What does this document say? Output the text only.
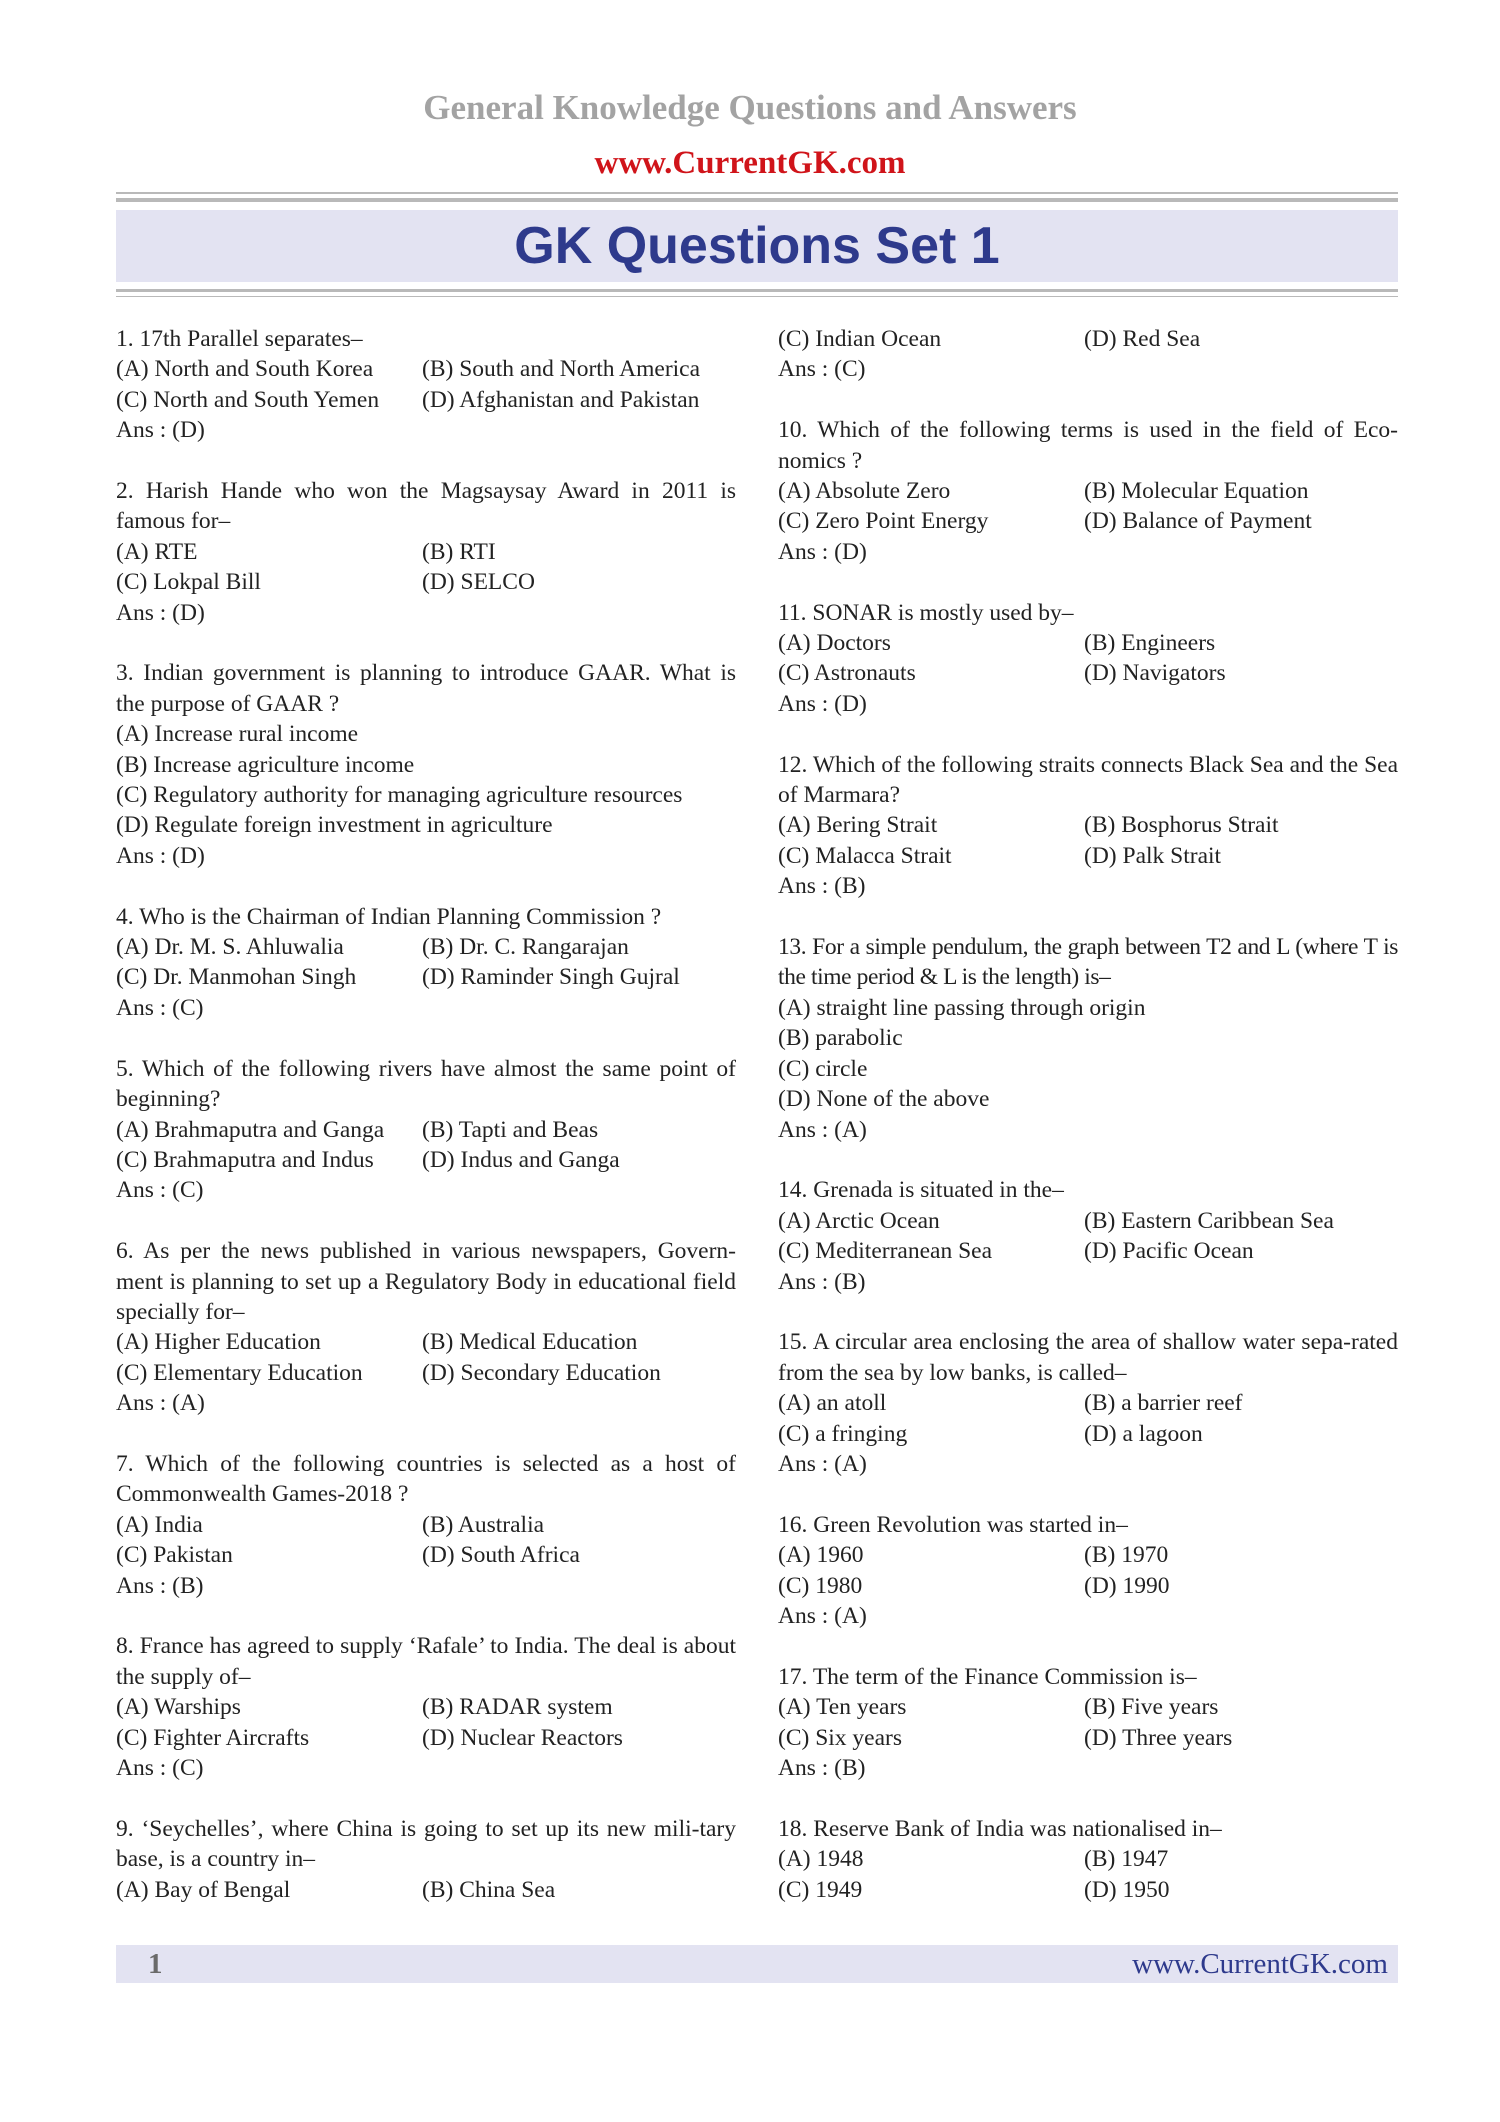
General Knowledge Questions and Answers
www.CurrentGK.com
GK Questions Set 1
1. 17th Parallel separates–
(A) North and South Korea	(B) South and North America
(C) North and South Yemen	(D) Afghanistan and Pakistan
Ans : (D)
2. Harish Hande who won the Magsaysay Award in 2011 is famous for–
(A) RTE	(B) RTI
(C) Lokpal Bill	(D) SELCO
Ans : (D)
3. Indian government is planning to introduce GAAR. What is the purpose of GAAR ?
(A) Increase rural income
(B) Increase agriculture income
(C) Regulatory authority for managing agriculture resources
(D) Regulate foreign investment in agriculture
Ans : (D)
4. Who is the Chairman of Indian Planning Commission ?
(A) Dr. M. S. Ahluwalia	(B) Dr. C. Rangarajan
(C) Dr. Manmohan Singh	(D) Raminder Singh Gujral
Ans : (C)
5. Which of the following rivers have almost the same point of beginning?
(A) Brahmaputra and Ganga	(B) Tapti and Beas
(C) Brahmaputra and Indus	(D) Indus and Ganga
Ans : (C)
6. As per the news published in various newspapers, Govern-ment is planning to set up a Regulatory Body in educational field specially for–
(A) Higher Education	(B) Medical Education
(C) Elementary Education	(D) Secondary Education
Ans : (A)
7. Which of the following countries is selected as a host of Commonwealth Games-2018 ?
(A) India	(B) Australia
(C) Pakistan	(D) South Africa
Ans : (B)
8. France has agreed to supply ‘Rafale’ to India. The deal is about the supply of–
(A) Warships	(B) RADAR system
(C) Fighter Aircrafts	(D) Nuclear Reactors
Ans : (C)
9. ‘Seychelles’, where China is going to set up its new mili-tary base, is a country in–
(A) Bay of Bengal	(B) China Sea
(C) Indian Ocean	(D) Red Sea
Ans : (C)
10. Which of the following terms is used in the field of Eco-nomics ?
(A) Absolute Zero	(B) Molecular Equation
(C) Zero Point Energy	(D) Balance of Payment
Ans : (D)
11. SONAR is mostly used by–
(A) Doctors	(B) Engineers
(C) Astronauts	(D) Navigators
Ans : (D)
12. Which of the following straits connects Black Sea and the Sea of Marmara?
(A) Bering Strait	(B) Bosphorus Strait
(C) Malacca Strait	(D) Palk Strait
Ans : (B)
13. For a simple pendulum, the graph between T2 and L (where T is the time period & L is the length) is–
(A) straight line passing through origin
(B) parabolic
(C) circle
(D) None of the above
Ans : (A)
14. Grenada is situated in the–
(A) Arctic Ocean	(B) Eastern Caribbean Sea
(C) Mediterranean Sea	(D) Pacific Ocean
Ans : (B)
15. A circular area enclosing the area of shallow water sepa-rated from the sea by low banks, is called–
(A) an atoll	(B) a barrier reef
(C) a fringing	(D) a lagoon
Ans : (A)
16. Green Revolution was started in–
(A) 1960	(B) 1970
(C) 1980	(D) 1990
Ans : (A)
17. The term of the Finance Commission is–
(A) Ten years	(B) Five years
(C) Six years	(D) Three years
Ans : (B)
18. Reserve Bank of India was nationalised in–
(A) 1948	(B) 1947
(C) 1949	(D) 1950
1	www.CurrentGK.com
